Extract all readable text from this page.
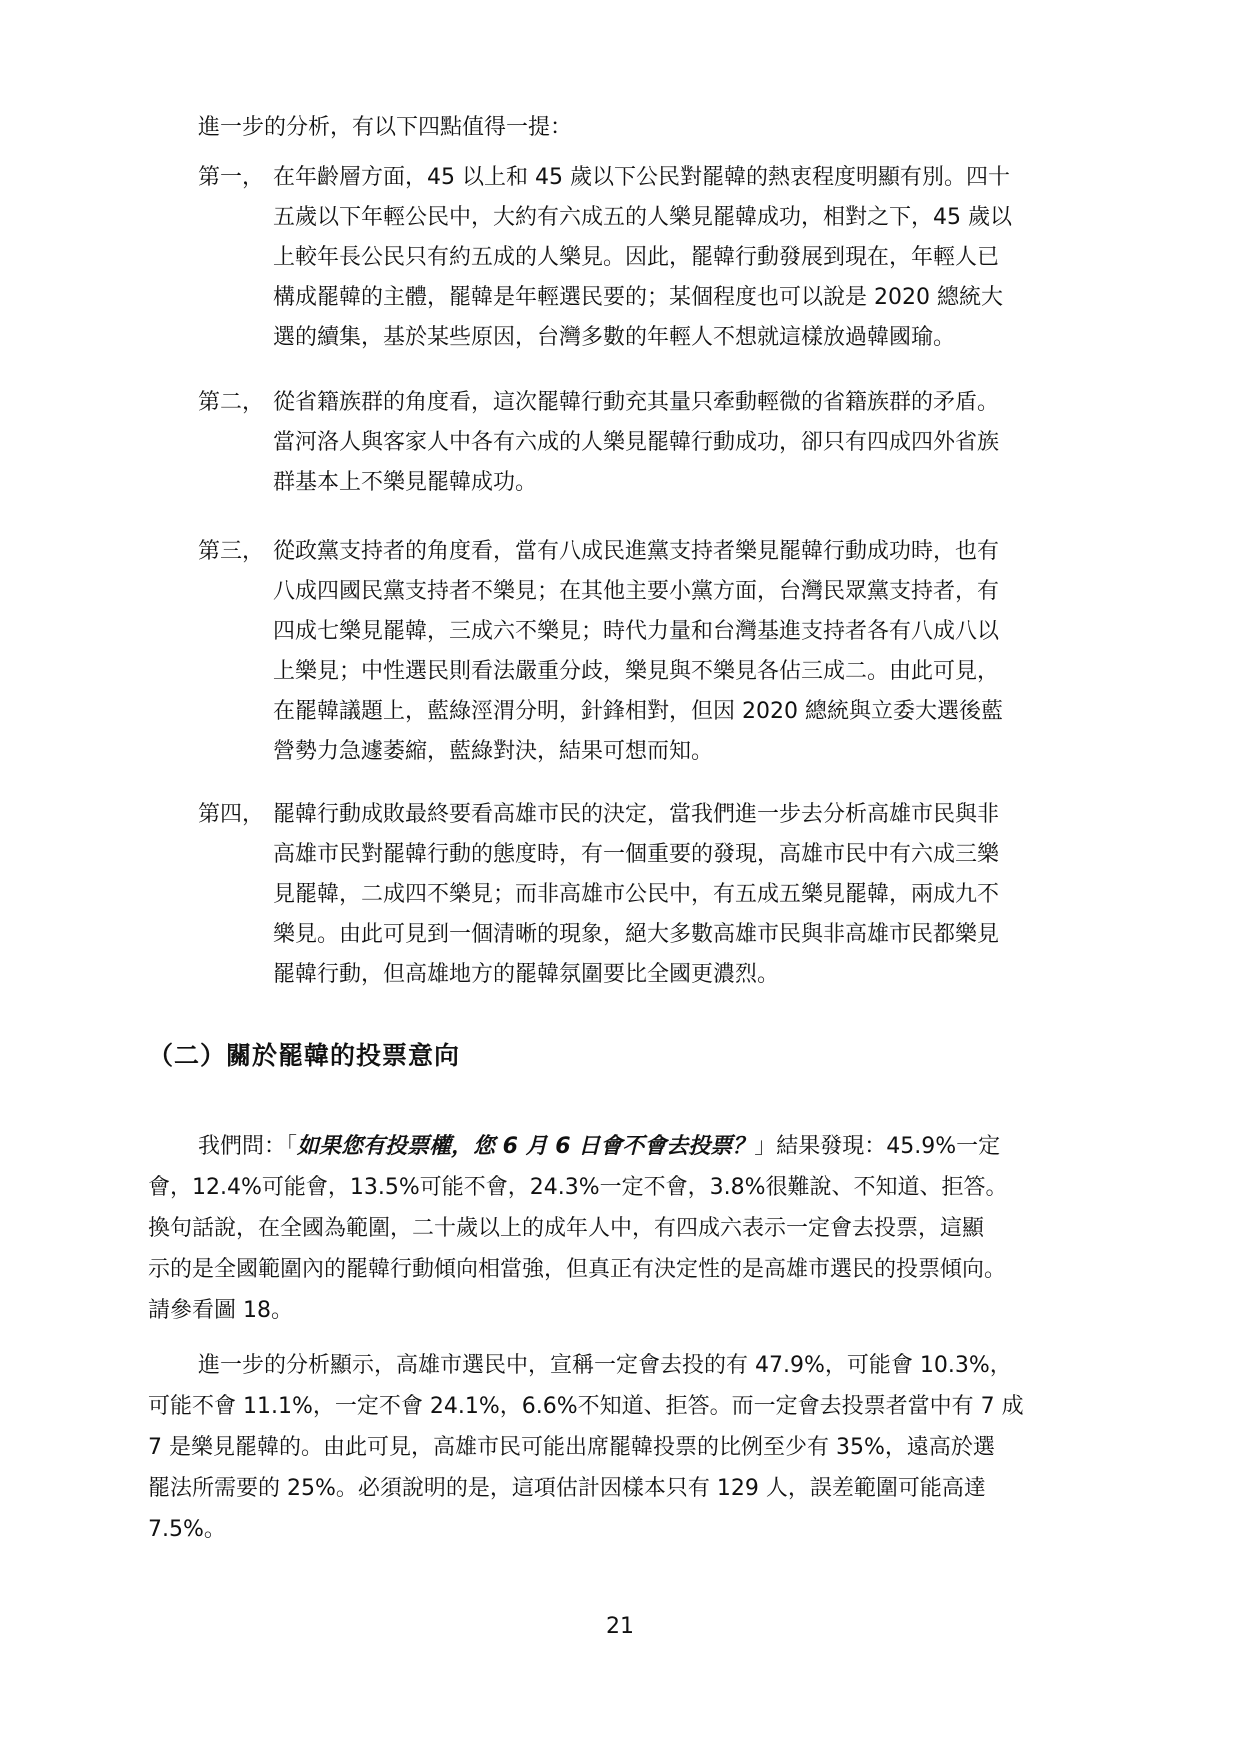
進一步的分析，有以下四點值得一提：

第一， 在年齡層方面，45 以上和 45 歲以下公民對罷韓的熱衷程度明顯有別。四十
五歲以下年輕公民中，大約有六成五的人樂見罷韓成功，相對之下，45 歲以
上較年長公民只有約五成的人樂見。因此，罷韓行動發展到現在，年輕人已
構成罷韓的主體，罷韓是年輕選民要的；某個程度也可以說是 2020 總統大
選的續集，基於某些原因，台灣多數的年輕人不想就這樣放過韓國瑜。

第二， 從省籍族群的角度看，這次罷韓行動充其量只牽動輕微的省籍族群的矛盾。
當河洛人與客家人中各有六成的人樂見罷韓行動成功，卻只有四成四外省族
群基本上不樂見罷韓成功。

第三， 從政黨支持者的角度看，當有八成民進黨支持者樂見罷韓行動成功時，也有
八成四國民黨支持者不樂見；在其他主要小黨方面，台灣民眾黨支持者，有
四成七樂見罷韓，三成六不樂見；時代力量和台灣基進支持者各有八成八以
上樂見；中性選民則看法嚴重分歧，樂見與不樂見各佔三成二。由此可見，
在罷韓議題上，藍綠涇渭分明，針鋒相對，但因 2020 總統與立委大選後藍
營勢力急遽萎縮，藍綠對決，結果可想而知。

第四， 罷韓行動成敗最終要看高雄市民的決定，當我們進一步去分析高雄市民與非
高雄市民對罷韓行動的態度時，有一個重要的發現，高雄市民中有六成三樂
見罷韓，二成四不樂見；而非高雄市公民中，有五成五樂見罷韓，兩成九不
樂見。由此可見到一個清晰的現象，絕大多數高雄市民與非高雄市民都樂見
罷韓行動，但高雄地方的罷韓氛圍要比全國更濃烈。

（二）關於罷韓的投票意向

我們問：「如果您有投票權，您 6 月 6 日會不會去投票？」結果發現：45.9%一定
會，12.4%可能會，13.5%可能不會，24.3%一定不會，3.8%很難說、不知道、拒答。
換句話說，在全國為範圍，二十歲以上的成年人中，有四成六表示一定會去投票，這顯
示的是全國範圍內的罷韓行動傾向相當強，但真正有決定性的是高雄市選民的投票傾向。
請參看圖 18。

進一步的分析顯示，高雄市選民中，宣稱一定會去投的有 47.9%，可能會 10.3%，
可能不會 11.1%，一定不會 24.1%，6.6%不知道、拒答。而一定會去投票者當中有 7 成
7 是樂見罷韓的。由此可見，高雄市民可能出席罷韓投票的比例至少有 35%，遠高於選
罷法所需要的 25%。必須說明的是，這項估計因樣本只有 129 人，誤差範圍可能高達
7.5%。

21
